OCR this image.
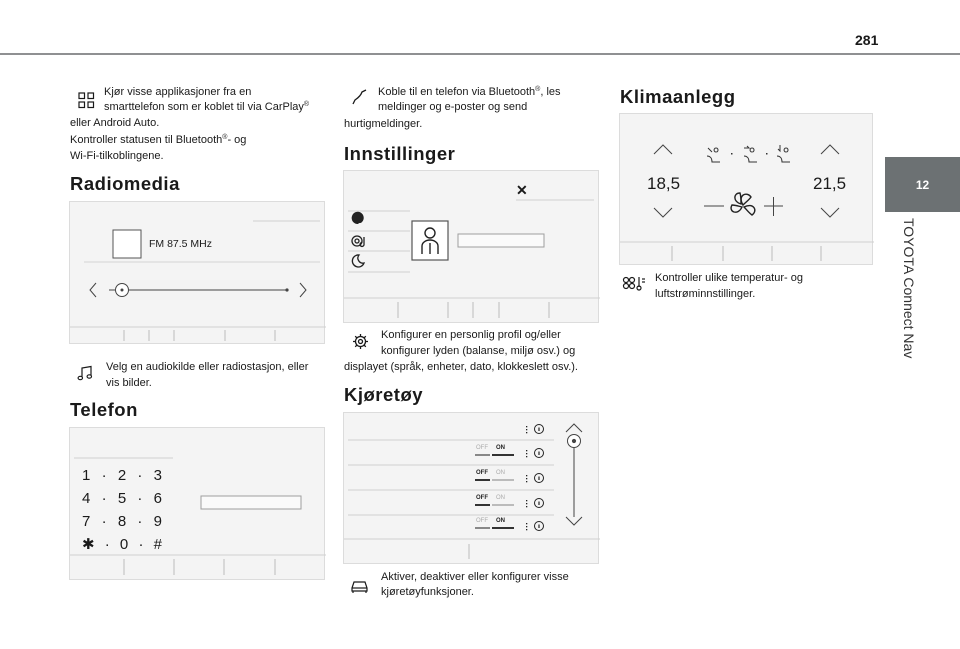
281
12
TOYOTA Connect Nav
Kjør visse applikasjoner fra en
smarttelefon som er koblet til via CarPlay®
eller Android Auto.
Kontroller statusen til Bluetooth®- og
Wi-Fi-tilkoblingene.
Radiomedia
FM 87.5 MHz
Velg en audiokilde eller radiostasjon, eller
vis bilder.
Telefon
1 · 2 · 3
4 · 5 · 6
7 · 8 · 9
✱ · 0 · #
Koble til en telefon via Bluetooth®, les
meldinger og e-poster og send
hurtigmeldinger.
Innstillinger
✕
Konfigurer en personlig profil og/eller
konfigurer lyden (balanse, miljø osv.) og
displayet (språk, enheter, dato, klokkeslett osv.).
Kjøretøy
OFF ON
OFF ON
OFF ON
OFF ON
Aktiver, deaktiver eller konfigurer visse
kjøretøyfunksjoner.
Klimaanlegg
18,5	21,5
Kontroller ulike temperatur- og
luftstrøminnstillinger.
